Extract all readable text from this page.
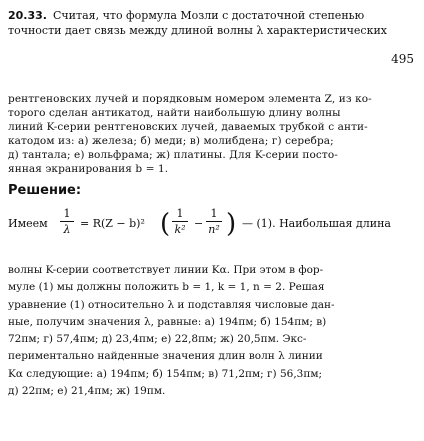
20.33. Считая, что формула Мозли с достаточной степенью

точности дает связь между длиной волны λ характеристических

495

рентгеновских лучей и порядковым номером элемента Z, из ко-

торого сделан антикатод, найти наибольшую длину волны

линий K-серии рентгеновских лучей, даваемых трубкой с анти-

катодом из: а) железа; б) меди; в) молибдена; г) серебра;

д) тантала; е) вольфрама; ж) платины. Для K-серии посто-

янная экранирования b = 1.

Решение:
Имеем
1
λ = R(Z − b)² ( 1
k² −
1
n² ) — (1). Наибольшая длина

волны K-серии соответствует линии Kα. При этом в фор-

муле (1) мы должны положить b = 1, k = 1, n = 2. Решая

уравнение (1) относительно λ и подставляя числовые дан-

ные, получим значения λ, равные: а) 194пм; б) 154пм; в)

72пм; г) 57,4пм; д) 23,4пм; е) 22,8пм; ж) 20,5пм. Экс-

периментально найденные значения длин волн λ линии

Kα следующие: а) 194пм; б) 154пм; в) 71,2пм; г) 56,3пм;

д) 22пм; е) 21,4пм; ж) 19пм.
